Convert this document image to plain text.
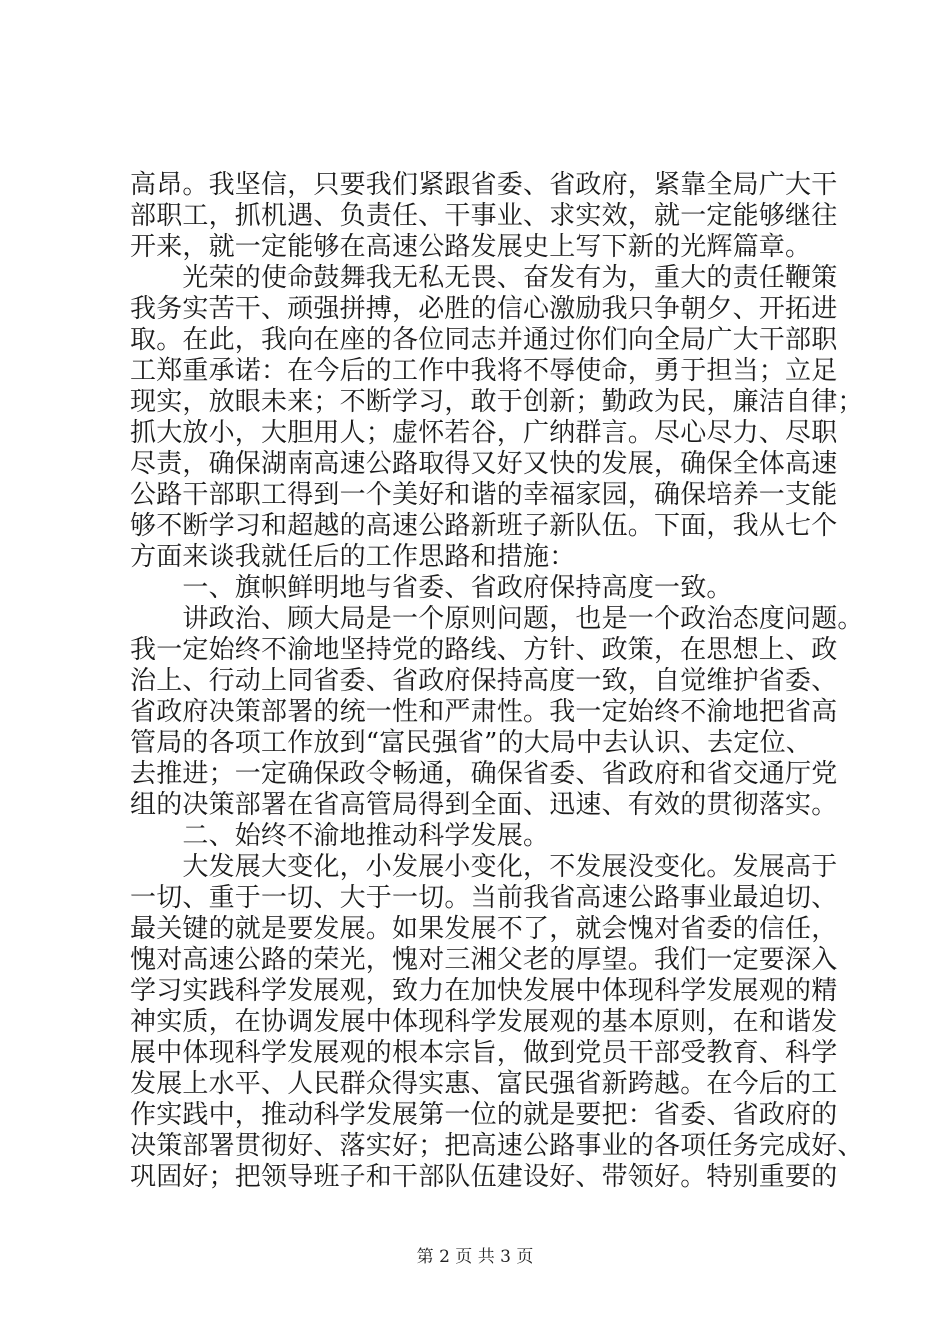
高昂。我坚信，只要我们紧跟省委、省政府，紧靠全局广大干
部职工，抓机遇、负责任、干事业、求实效，就一定能够继往
开来，就一定能够在高速公路发展史上写下新的光辉篇章。
　　光荣的使命鼓舞我无私无畏、奋发有为，重大的责任鞭策
我务实苦干、顽强拼搏，必胜的信心激励我只争朝夕、开拓进
取。在此，我向在座的各位同志并通过你们向全局广大干部职
工郑重承诺：在今后的工作中我将不辱使命，勇于担当；立足
现实，放眼未来；不断学习，敢于创新；勤政为民，廉洁自律；
抓大放小，大胆用人；虚怀若谷，广纳群言。尽心尽力、尽职
尽责，确保湖南高速公路取得又好又快的发展，确保全体高速
公路干部职工得到一个美好和谐的幸福家园，确保培养一支能
够不断学习和超越的高速公路新班子新队伍。下面，我从七个
方面来谈我就任后的工作思路和措施：
　　一、旗帜鲜明地与省委、省政府保持高度一致。
　　讲政治、顾大局是一个原则问题，也是一个政治态度问题。
我一定始终不渝地坚持党的路线、方针、政策，在思想上、政
治上、行动上同省委、省政府保持高度一致，自觉维护省委、
省政府决策部署的统一性和严肃性。我一定始终不渝地把省高
管局的各项工作放到“富民强省”的大局中去认识、去定位、
去推进；一定确保政令畅通，确保省委、省政府和省交通厅党
组的决策部署在省高管局得到全面、迅速、有效的贯彻落实。
　　二、始终不渝地推动科学发展。
　　大发展大变化，小发展小变化，不发展没变化。发展高于
一切、重于一切、大于一切。当前我省高速公路事业最迫切、
最关键的就是要发展。如果发展不了，就会愧对省委的信任，
愧对高速公路的荣光，愧对三湘父老的厚望。我们一定要深入
学习实践科学发展观，致力在加快发展中体现科学发展观的精
神实质，在协调发展中体现科学发展观的基本原则，在和谐发
展中体现科学发展观的根本宗旨，做到党员干部受教育、科学
发展上水平、人民群众得实惠、富民强省新跨越。在今后的工
作实践中，推动科学发展第一位的就是要把：省委、省政府的
决策部署贯彻好、落实好；把高速公路事业的各项任务完成好、
巩固好；把领导班子和干部队伍建设好、带领好。特别重要的
第 2 页 共 3 页
